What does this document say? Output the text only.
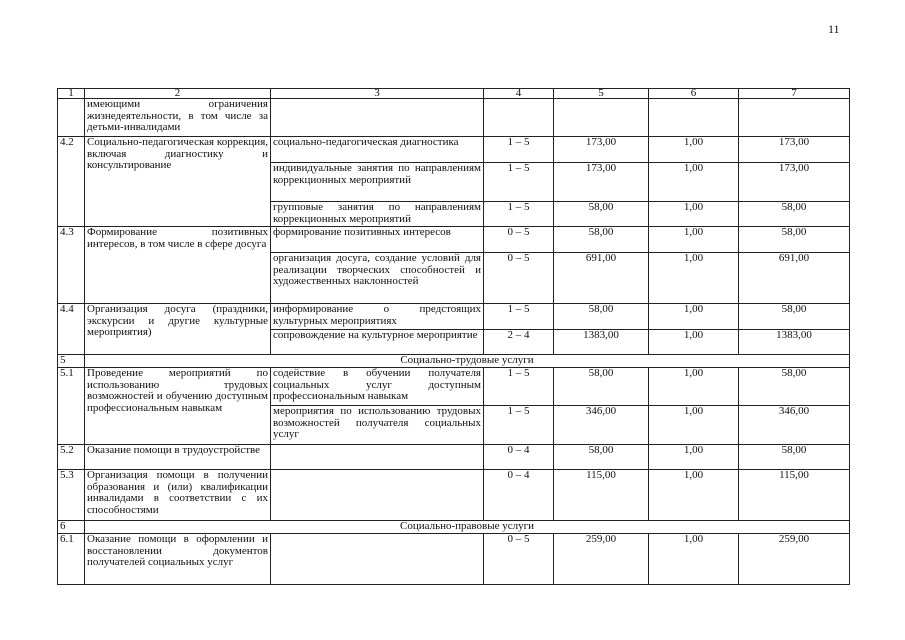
11
1	2	3	4	5	6	7
	имеющими ограничения жизнедеятельности, в том числе за детьми-инвалидами					
4.2	Социально-педагогическая коррекция, включая диагностику и консультирование	социально-педагогическая диагностика	1 – 5	173,00	1,00	173,00
		индивидуальные занятия по направлениям коррекционных мероприятий	1 – 5	173,00	1,00	173,00
		групповые занятия по направлениям коррекционных мероприятий	1 – 5	58,00	1,00	58,00
4.3	Формирование позитивных интересов, в том числе в сфере досуга	формирование позитивных интересов	0 – 5	58,00	1,00	58,00
		организация досуга, создание условий для реализации творческих способностей и художественных наклонностей	0 – 5	691,00	1,00	691,00
4.4	Организация досуга (праздники, экскурсии и другие культурные мероприятия)	информирование о предстоящих культурных мероприятиях	1 – 5	58,00	1,00	58,00
		сопровождение на культурное мероприятие	2 – 4	1383,00	1,00	1383,00
5	Социально-трудовые услуги					
5.1	Проведение мероприятий по использованию трудовых возможностей и обучению доступным профессиональным навыкам	содействие в обучении получателя социальных услуг доступным профессиональным навыкам	1 – 5	58,00	1,00	58,00
		мероприятия по использованию трудовых возможностей получателя социальных услуг	1 – 5	346,00	1,00	346,00
5.2	Оказание помощи в трудоустройстве		0 – 4	58,00	1,00	58,00
5.3	Организация помощи в получении образования и (или) квалификации инвалидами в соответствии с их способностями		0 – 4	115,00	1,00	115,00
6	Социально-правовые услуги					
6.1	Оказание помощи в оформлении и восстановлении документов получателей социальных услуг		0 – 5	259,00	1,00	259,00
